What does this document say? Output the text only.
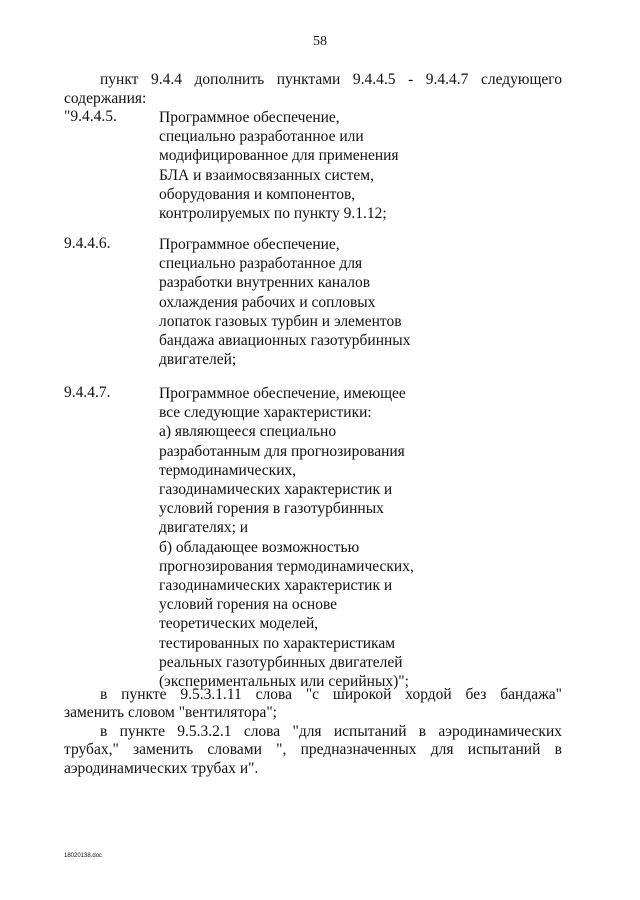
58
пункт 9.4.4 дополнить пунктами 9.4.4.5 - 9.4.4.7 следующего
содержания:
"9.4.4.5.	Программное обеспечение,
специально разработанное или
модифицированное для применения
БЛА и взаимосвязанных систем,
оборудования и компонентов,
контролируемых по пункту 9.1.12;
9.4.4.6.	Программное обеспечение,
специально разработанное для
разработки внутренних каналов
охлаждения рабочих и сопловых
лопаток газовых турбин и элементов
бандажа авиационных газотурбинных
двигателей;
9.4.4.7.	Программное обеспечение, имеющее
все следующие характеристики:
а) являющееся специально
разработанным для прогнозирования
термодинамических,
газодинамических характеристик и
условий горения в газотурбинных
двигателях; и
б) обладающее возможностью
прогнозирования термодинамических,
газодинамических характеристик и
условий горения на основе
теоретических моделей,
тестированных по характеристикам
реальных газотурбинных двигателей
(экспериментальных или серийных)";
в пункте 9.5.3.1.11 слова "с широкой хордой без бандажа"
заменить словом "вентилятора";
в пункте 9.5.3.2.1 слова "для испытаний в аэродинамических
трубах," заменить словами ", предназначенных для испытаний в
аэродинамических трубах и".
18020138.doc
